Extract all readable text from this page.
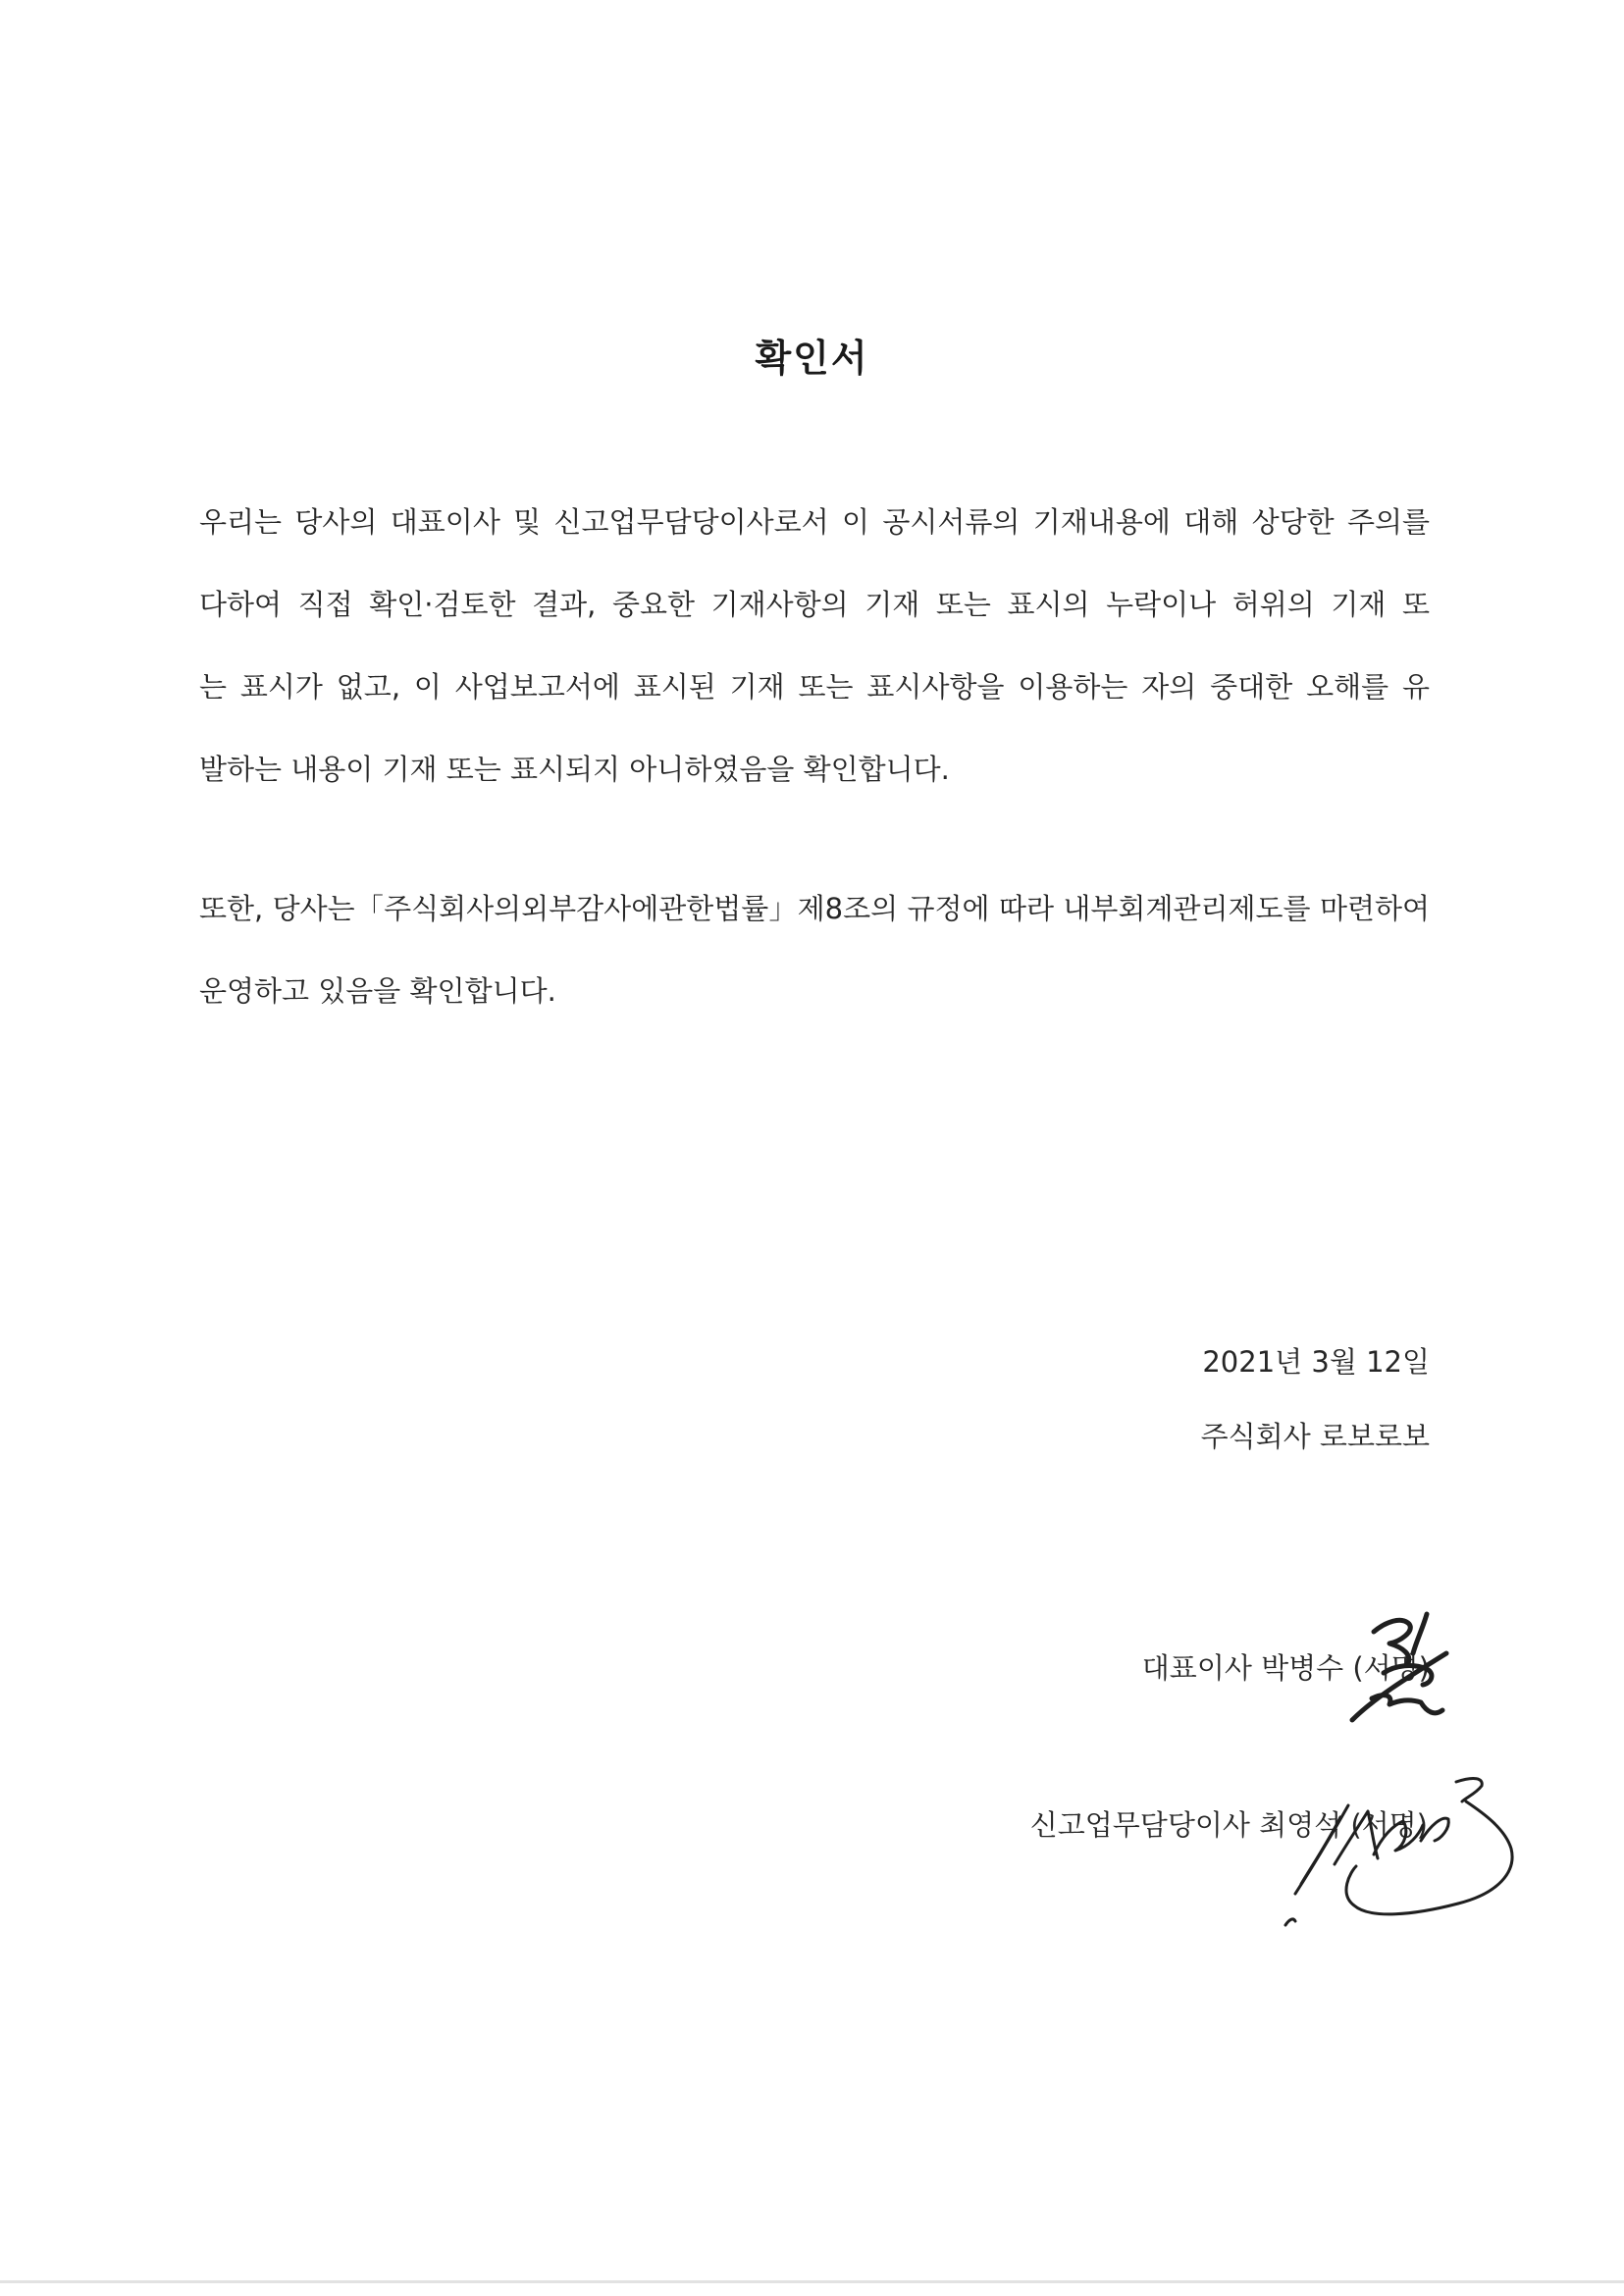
확인서
우리는 당사의 대표이사 및 신고업무담당이사로서 이 공시서류의 기재내용에 대해 상당한 주의를
다하여 직접 확인·검토한 결과, 중요한 기재사항의 기재 또는 표시의 누락이나 허위의 기재 또
는 표시가 없고, 이 사업보고서에 표시된 기재 또는 표시사항을 이용하는 자의 중대한 오해를 유
발하는 내용이 기재 또는 표시되지 아니하였음을 확인합니다.
또한, 당사는「주식회사의외부감사에관한법률」제8조의 규정에 따라 내부회계관리제도를 마련하여
운영하고 있음을 확인합니다.
2021년 3월 12일
주식회사 로보로보
대표이사 박병수 (서명)
신고업무담당이사 최영석 (서명)
